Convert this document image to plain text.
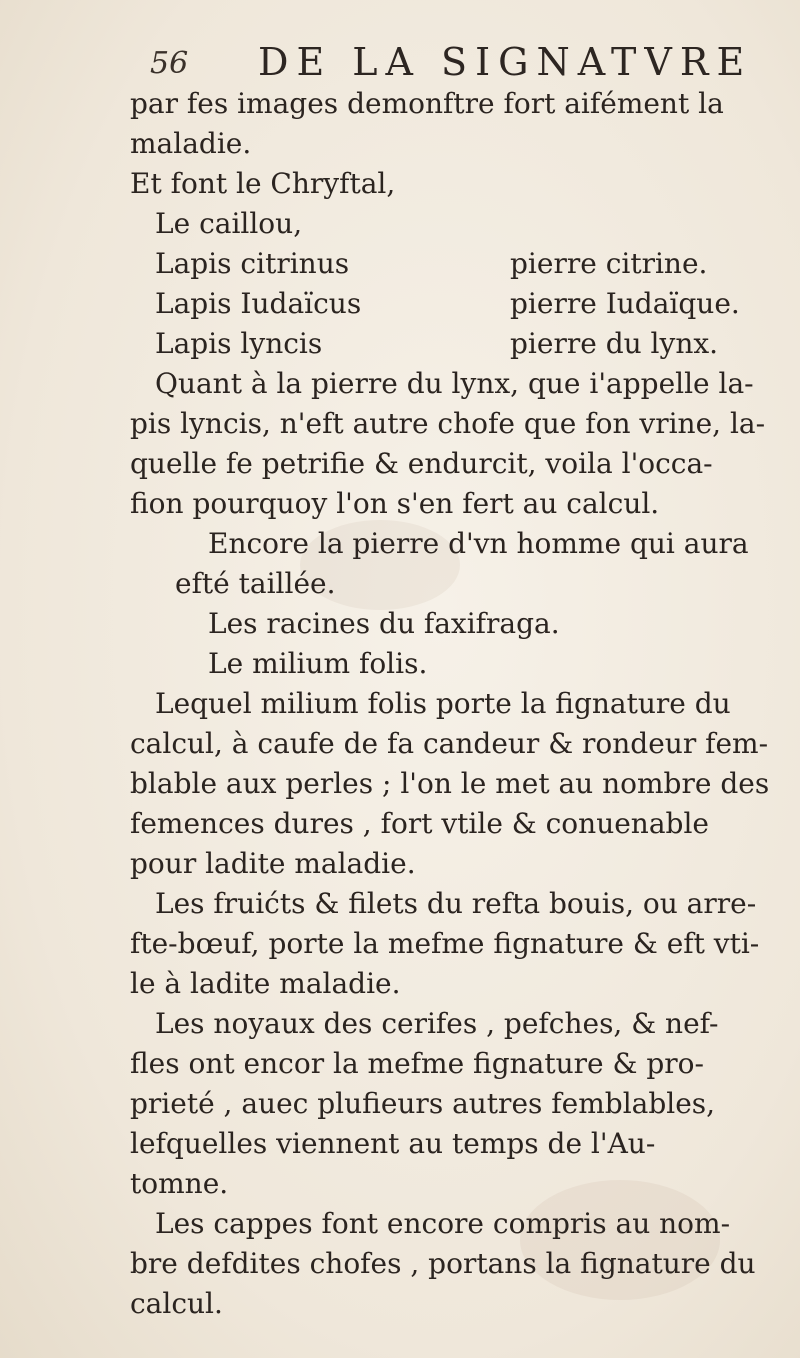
56 DE LA SIGNATVRE
par fes images demonftre fort aifément la
maladie.
Et font le Chryftal,
Le caillou,
Lapis citrinus	pierre citrine.
Lapis Iudaïcus	pierre Iudaïque.
Lapis lyncis	pierre du lynx.
Quant à la pierre du lynx, que i'appelle la-
pis lyncis, n'eft autre chofe que fon vrine, la-
quelle fe petrifie & endurcit, voila l'occa-
fion pourquoy l'on s'en fert au calcul.
Encore la pierre d'vn homme qui aura
efté taillée.
Les racines du faxifraga.
Le milium folis.
Lequel milium folis porte la fignature du
calcul, à caufe de fa candeur & rondeur fem-
blable aux perles ; l'on le met au nombre des
femences dures , fort vtile & conuenable
pour ladite maladie.
Les fruićts & filets du refta bouis, ou arre-
fte-bœuf, porte la mefme fignature & eft vti-
le à ladite maladie.
Les noyaux des cerifes , pefches, & nef-
fles ont encor la mefme fignature & pro-
prieté , auec plufieurs autres femblables,
lefquelles viennent au temps de l'Au-
tomne.
Les cappes font encore compris au nom-
bre defdites chofes , portans la fignature du
calcul.
